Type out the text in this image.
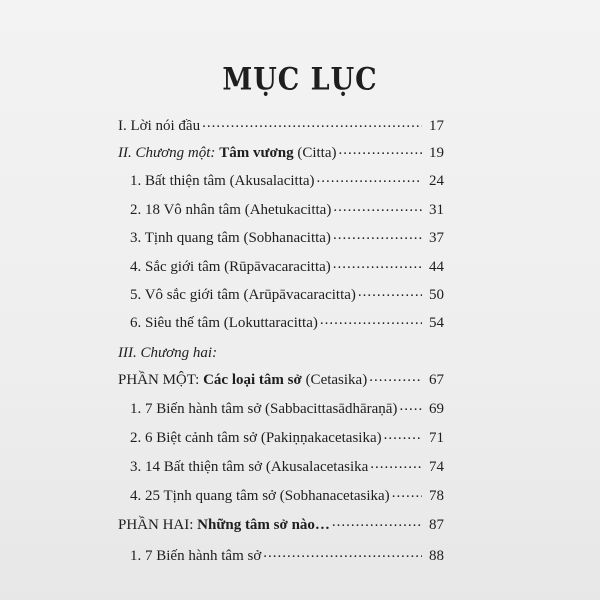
MỤC LỤC
I. Lời nói đầu .....	17
II. Chương một: Tâm vương (Citta) .....	19
1. Bất thiện tâm (Akusalacitta) .....	24
2. 18 Vô nhân tâm (Ahetukacitta) .....	31
3. Tịnh quang tâm (Sobhanacitta) .....	37
4. Sắc giới tâm (Rūpāvacaracitta) .....	44
5. Vô sắc giới tâm (Arūpāvacaracitta) .....	50
6. Siêu thế tâm (Lokuttaracitta) .....	54
III. Chương hai:
PHẦN MỘT: Các loại tâm sở (Cetasika) .....	67
1. 7 Biến hành tâm sở (Sabbacittasādhāraṇā) .....	69
2. 6 Biệt cảnh tâm sở (Pakiṇṇakacetasika) .....	71
3. 14 Bất thiện tâm sở (Akusalacetasika .....	74
4. 25 Tịnh quang tâm sở (Sobhanacetasika) .....	78
PHẦN HAI: Những tâm sở nào… .....	87
1. 7 Biến hành tâm sở .....	88
